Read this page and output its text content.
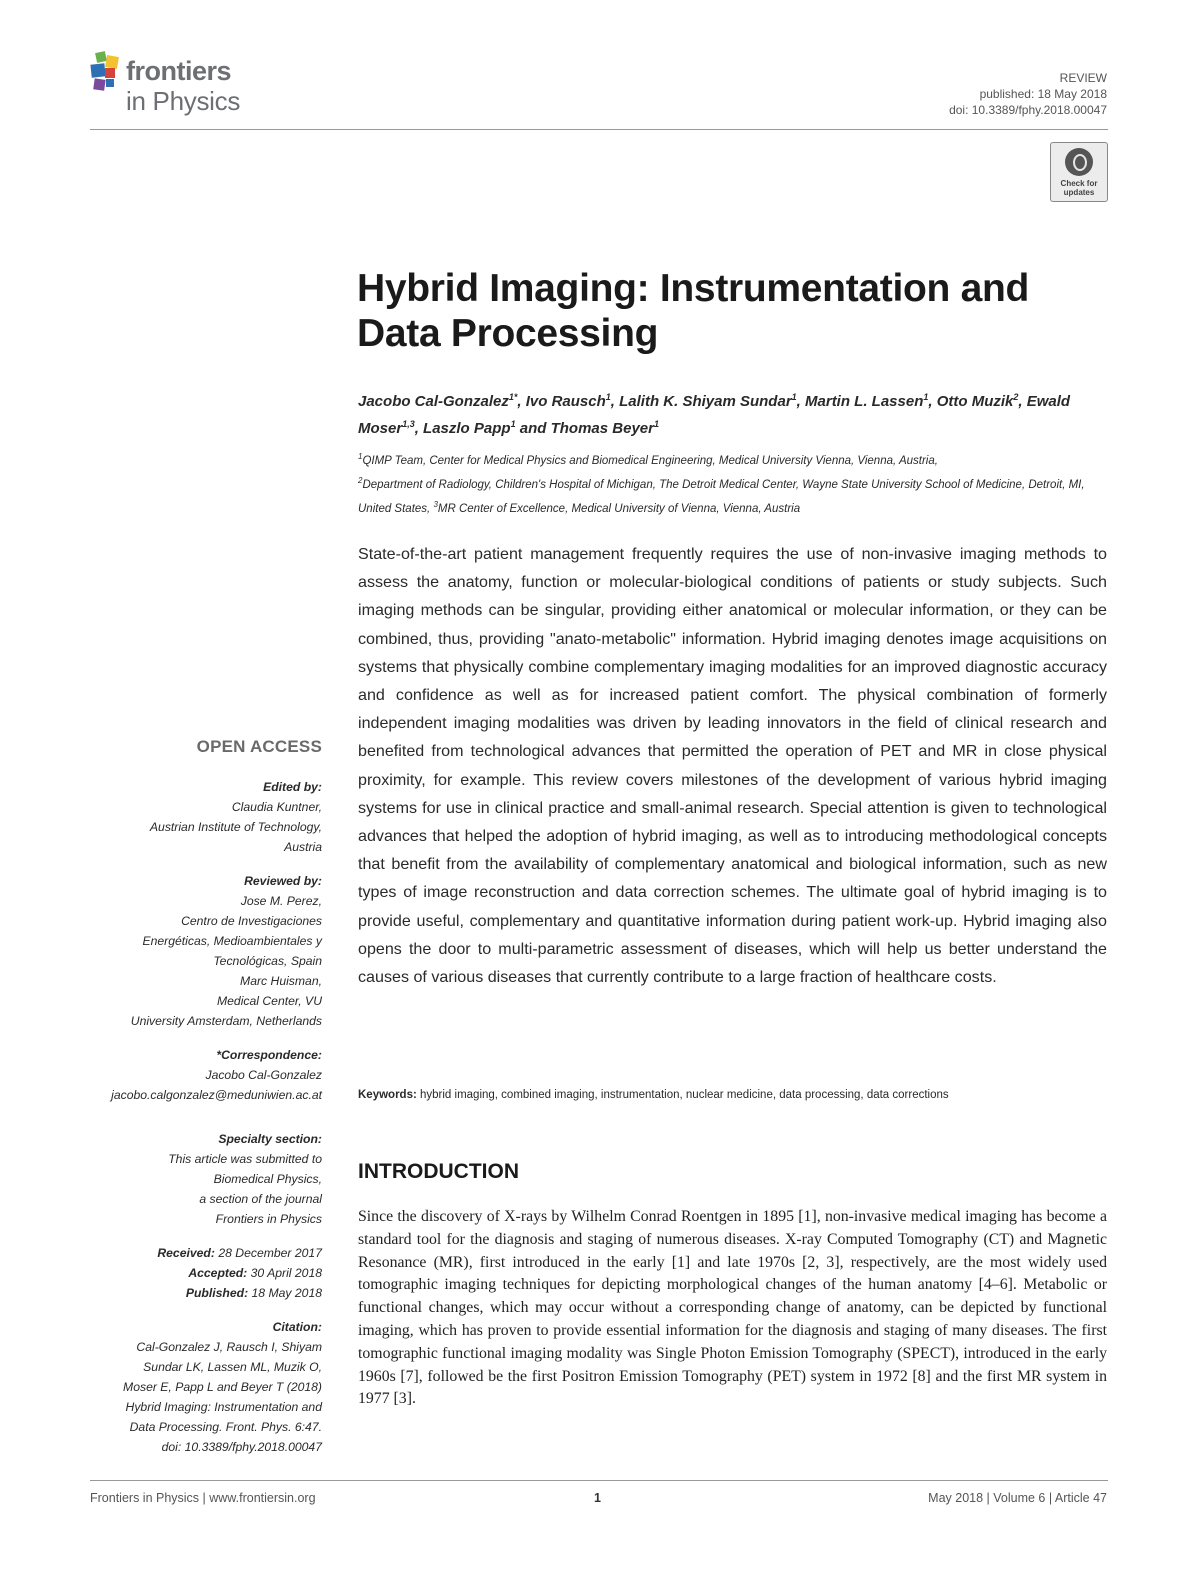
frontiers
in Physics
REVIEW
published: 18 May 2018
doi: 10.3389/fphy.2018.00047
Check for
updates
Hybrid Imaging: Instrumentation and Data Processing
Jacobo Cal-Gonzalez$^{1*}$, Ivo Rausch$^1$, Lalith K. Shiyam Sundar$^1$, Martin L. Lassen$^1$, Otto Muzik$^2$, Ewald Moser$^{1,3}$, Laszlo Papp$^1$ and Thomas Beyer$^1$
$^1$QIMP Team, Center for Medical Physics and Biomedical Engineering, Medical University Vienna, Vienna, Austria,
$^2$Department of Radiology, Children's Hospital of Michigan, The Detroit Medical Center, Wayne State University School of Medicine, Detroit, MI, United States, $^3$MR Center of Excellence, Medical University of Vienna, Vienna, Austria

State-of-the-art patient management frequently requires the use of non-invasive imaging methods to assess the anatomy, function or molecular-biological conditions of patients or study subjects. Such imaging methods can be singular, providing either anatomical or molecular information, or they can be combined, thus, providing "anato-metabolic" information. Hybrid imaging denotes image acquisitions on systems that physically combine complementary imaging modalities for an improved diagnostic accuracy and confidence as well as for increased patient comfort. The physical combination of formerly independent imaging modalities was driven by leading innovators in the field of clinical research and benefited from technological advances that permitted the operation of PET and MR in close physical proximity, for example. This review covers milestones of the development of various hybrid imaging systems for use in clinical practice and small-animal research. Special attention is given to technological advances that helped the adoption of hybrid imaging, as well as to introducing methodological concepts that benefit from the availability of complementary anatomical and biological information, such as new types of image reconstruction and data correction schemes. The ultimate goal of hybrid imaging is to provide useful, complementary and quantitative information during patient work-up. Hybrid imaging also opens the door to multi-parametric assessment of diseases, which will help us better understand the causes of various diseases that currently contribute to a large fraction of healthcare costs.

Keywords: hybrid imaging, combined imaging, instrumentation, nuclear medicine, data processing, data corrections
INTRODUCTION

Since the discovery of X-rays by Wilhelm Conrad Roentgen in 1895 [1], non-invasive medical imaging has become a standard tool for the diagnosis and staging of numerous diseases. X-ray Computed Tomography (CT) and Magnetic Resonance (MR), first introduced in the early [1] and late 1970s [2, 3], respectively, are the most widely used tomographic imaging techniques for depicting morphological changes of the human anatomy [4–6]. Metabolic or functional changes, which may occur without a corresponding change of anatomy, can be depicted by functional imaging, which has proven to provide essential information for the diagnosis and staging of many diseases. The first tomographic functional imaging modality was Single Photon Emission Tomography (SPECT), introduced in the early 1960s [7], followed be the first Positron Emission Tomography (PET) system in 1972 [8] and the first MR system in 1977 [3].

OPEN ACCESS
Edited by:
Claudia Kuntner,
Austrian Institute of Technology,
Austria
Reviewed by:
Jose M. Perez,
Centro de Investigaciones
Energéticas, Medioambientales y
Tecnológicas, Spain
Marc Huisman,
Medical Center, VU
University Amsterdam, Netherlands
*Correspondence:
Jacobo Cal-Gonzalez
jacobo.calgonzalez@meduniwien.ac.at
Specialty section:
This article was submitted to
Biomedical Physics,
a section of the journal
Frontiers in Physics
Received: 28 December 2017
Accepted: 30 April 2018
Published: 18 May 2018
Citation:
Cal-Gonzalez J, Rausch I, Shiyam
Sundar LK, Lassen ML, Muzik O,
Moser E, Papp L and Beyer T (2018)
Hybrid Imaging: Instrumentation and
Data Processing. Front. Phys. 6:47.
doi: 10.3389/fphy.2018.00047
Frontiers in Physics | www.frontiersin.org	1	May 2018 | Volume 6 | Article 47
